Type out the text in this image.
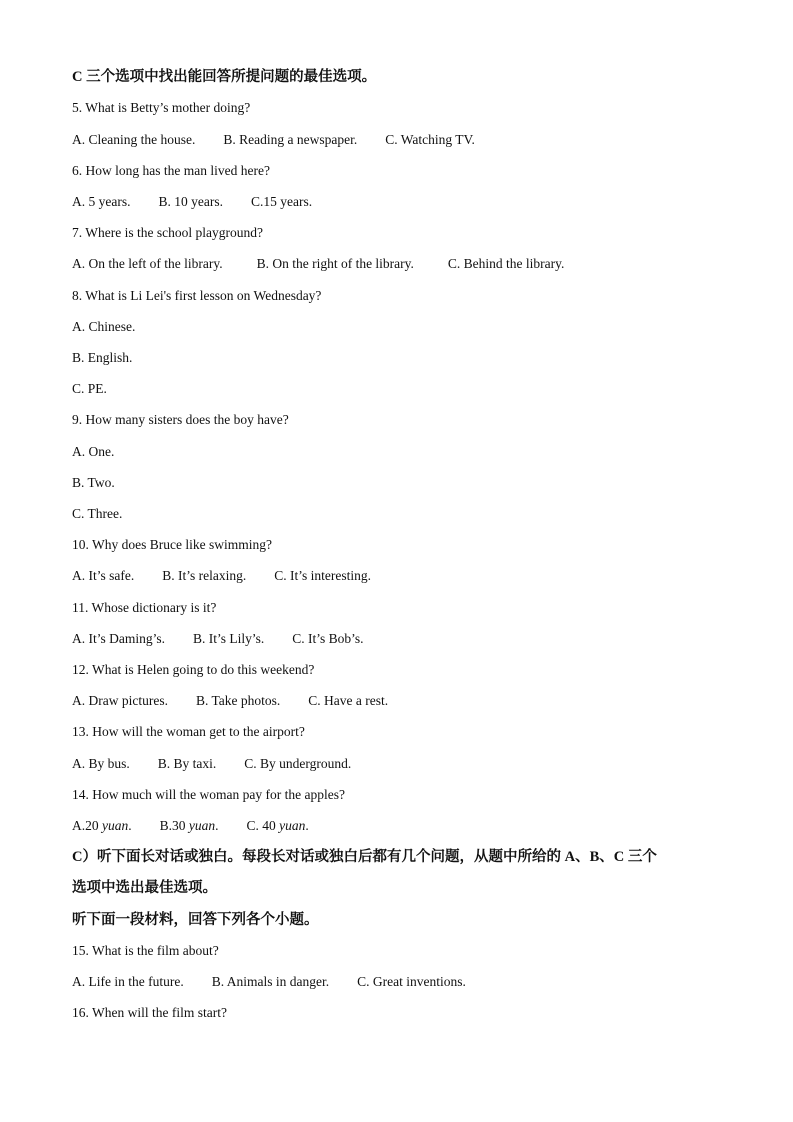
C 三个选项中找出能回答所提问题的最佳选项。
5. What is Betty’s mother doing?
A. Cleaning the house. B. Reading a newspaper. C. Watching TV.
6. How long has the man lived here?
A. 5 years. B. 10 years. C.15 years.
7. Where is the school playground?
A. On the left of the library.	B. On the right of the library.	C. Behind the library.
8. What is Li Lei's first lesson on Wednesday?
A. Chinese.
B. English.
C. PE.
9. How many sisters does the boy have?
A. One.
B. Two.
C. Three.
10. Why does Bruce like swimming?
A. It’s safe. B. It’s relaxing. C. It’s interesting.
11. Whose dictionary is it?
A. It’s Daming’s. B. It’s Lily’s. C. It’s Bob’s.
12. What is Helen going to do this weekend?
A. Draw pictures. B. Take photos. C. Have a rest.
13. How will the woman get to the airport?
A. By bus. B. By taxi. C. By underground.
14. How much will the woman pay for the apples?
A.20 yuan. B.30 yuan. C. 40 yuan.
C）听下面长对话或独白。每段长对话或独白后都有几个问题，从题中所给的 A、B、C 三个
选项中选出最佳选项。
听下面一段材料，回答下列各个小题。
15. What is the film about?
A. Life in the future. B. Animals in danger. C. Great inventions.
16. When will the film start?
